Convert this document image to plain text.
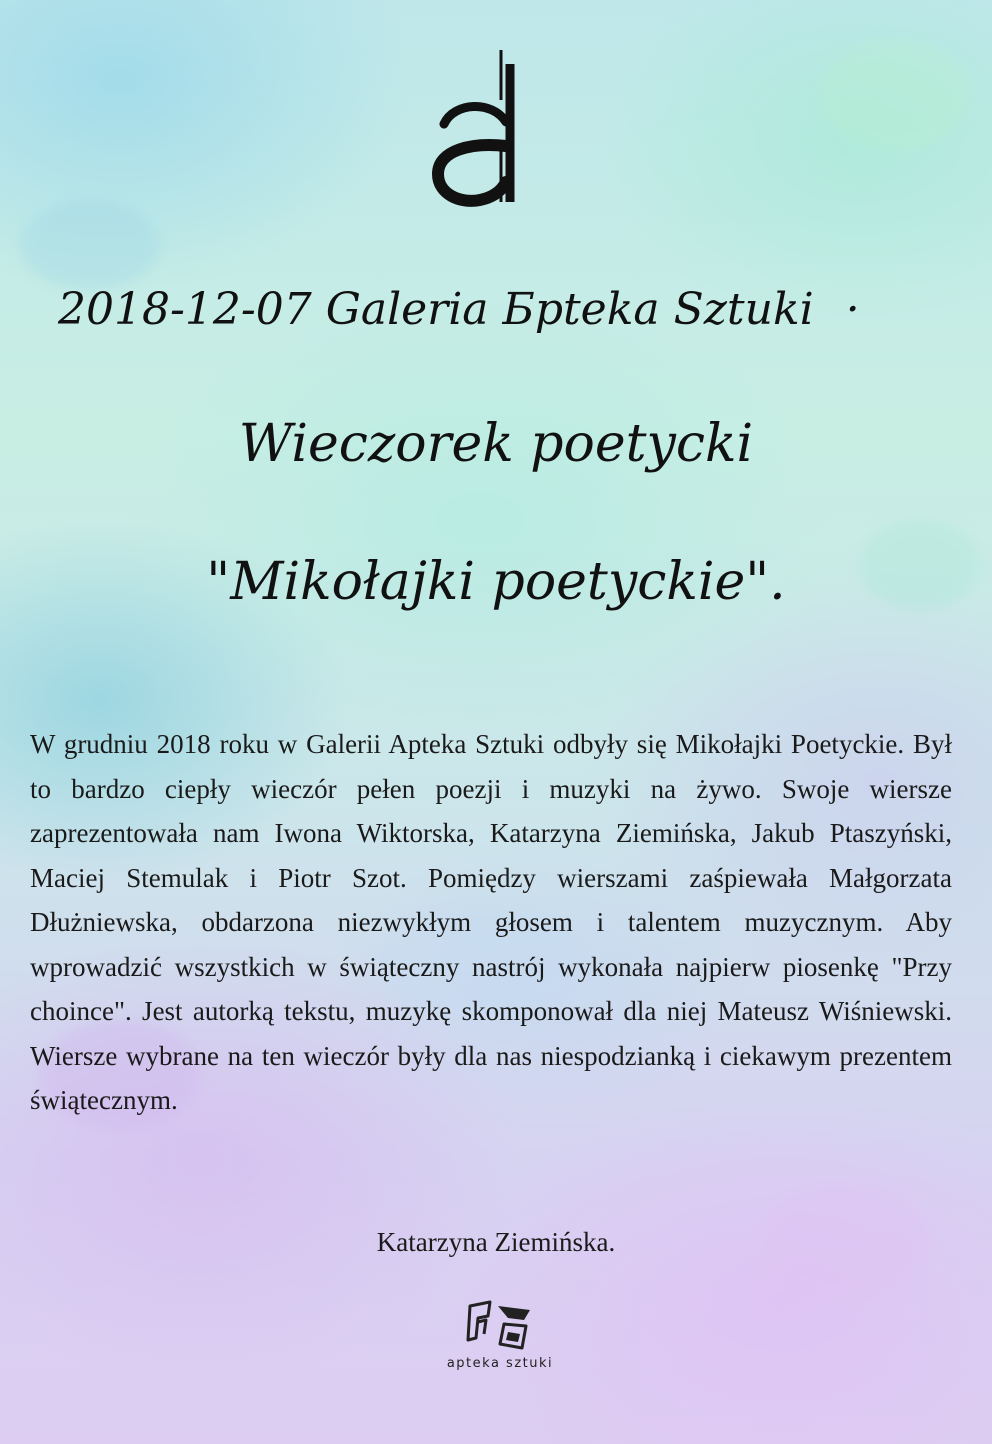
2018-12-07 Galeria Бpteka Sztuki ·
Wieczorek poetycki
"Mikołajki poetyckie".
W grudniu 2018 roku w Galerii Apteka Sztuki odbyły się Mikołajki Poetyckie. Był to bardzo ciepły wieczór pełen poezji i muzyki na żywo. Swoje wiersze zaprezentowała nam Iwona Wiktorska, Katarzyna Ziemińska, Jakub Ptaszyński, Maciej Stemulak i Piotr Szot. Pomiędzy wierszami zaśpiewała Małgorzata Dłużniewska, obdarzona niezwykłym głosem i talentem muzycznym. Aby wprowadzić wszystkich w świąteczny nastrój wykonała najpierw piosenkę "Przy choince". Jest autorką tekstu, muzykę skomponował dla niej Mateusz Wiśniewski. Wiersze wybrane na ten wieczór były dla nas niespodzianką i ciekawym prezentem świątecznym.
Katarzyna Ziemińska.
apteka sztuki
